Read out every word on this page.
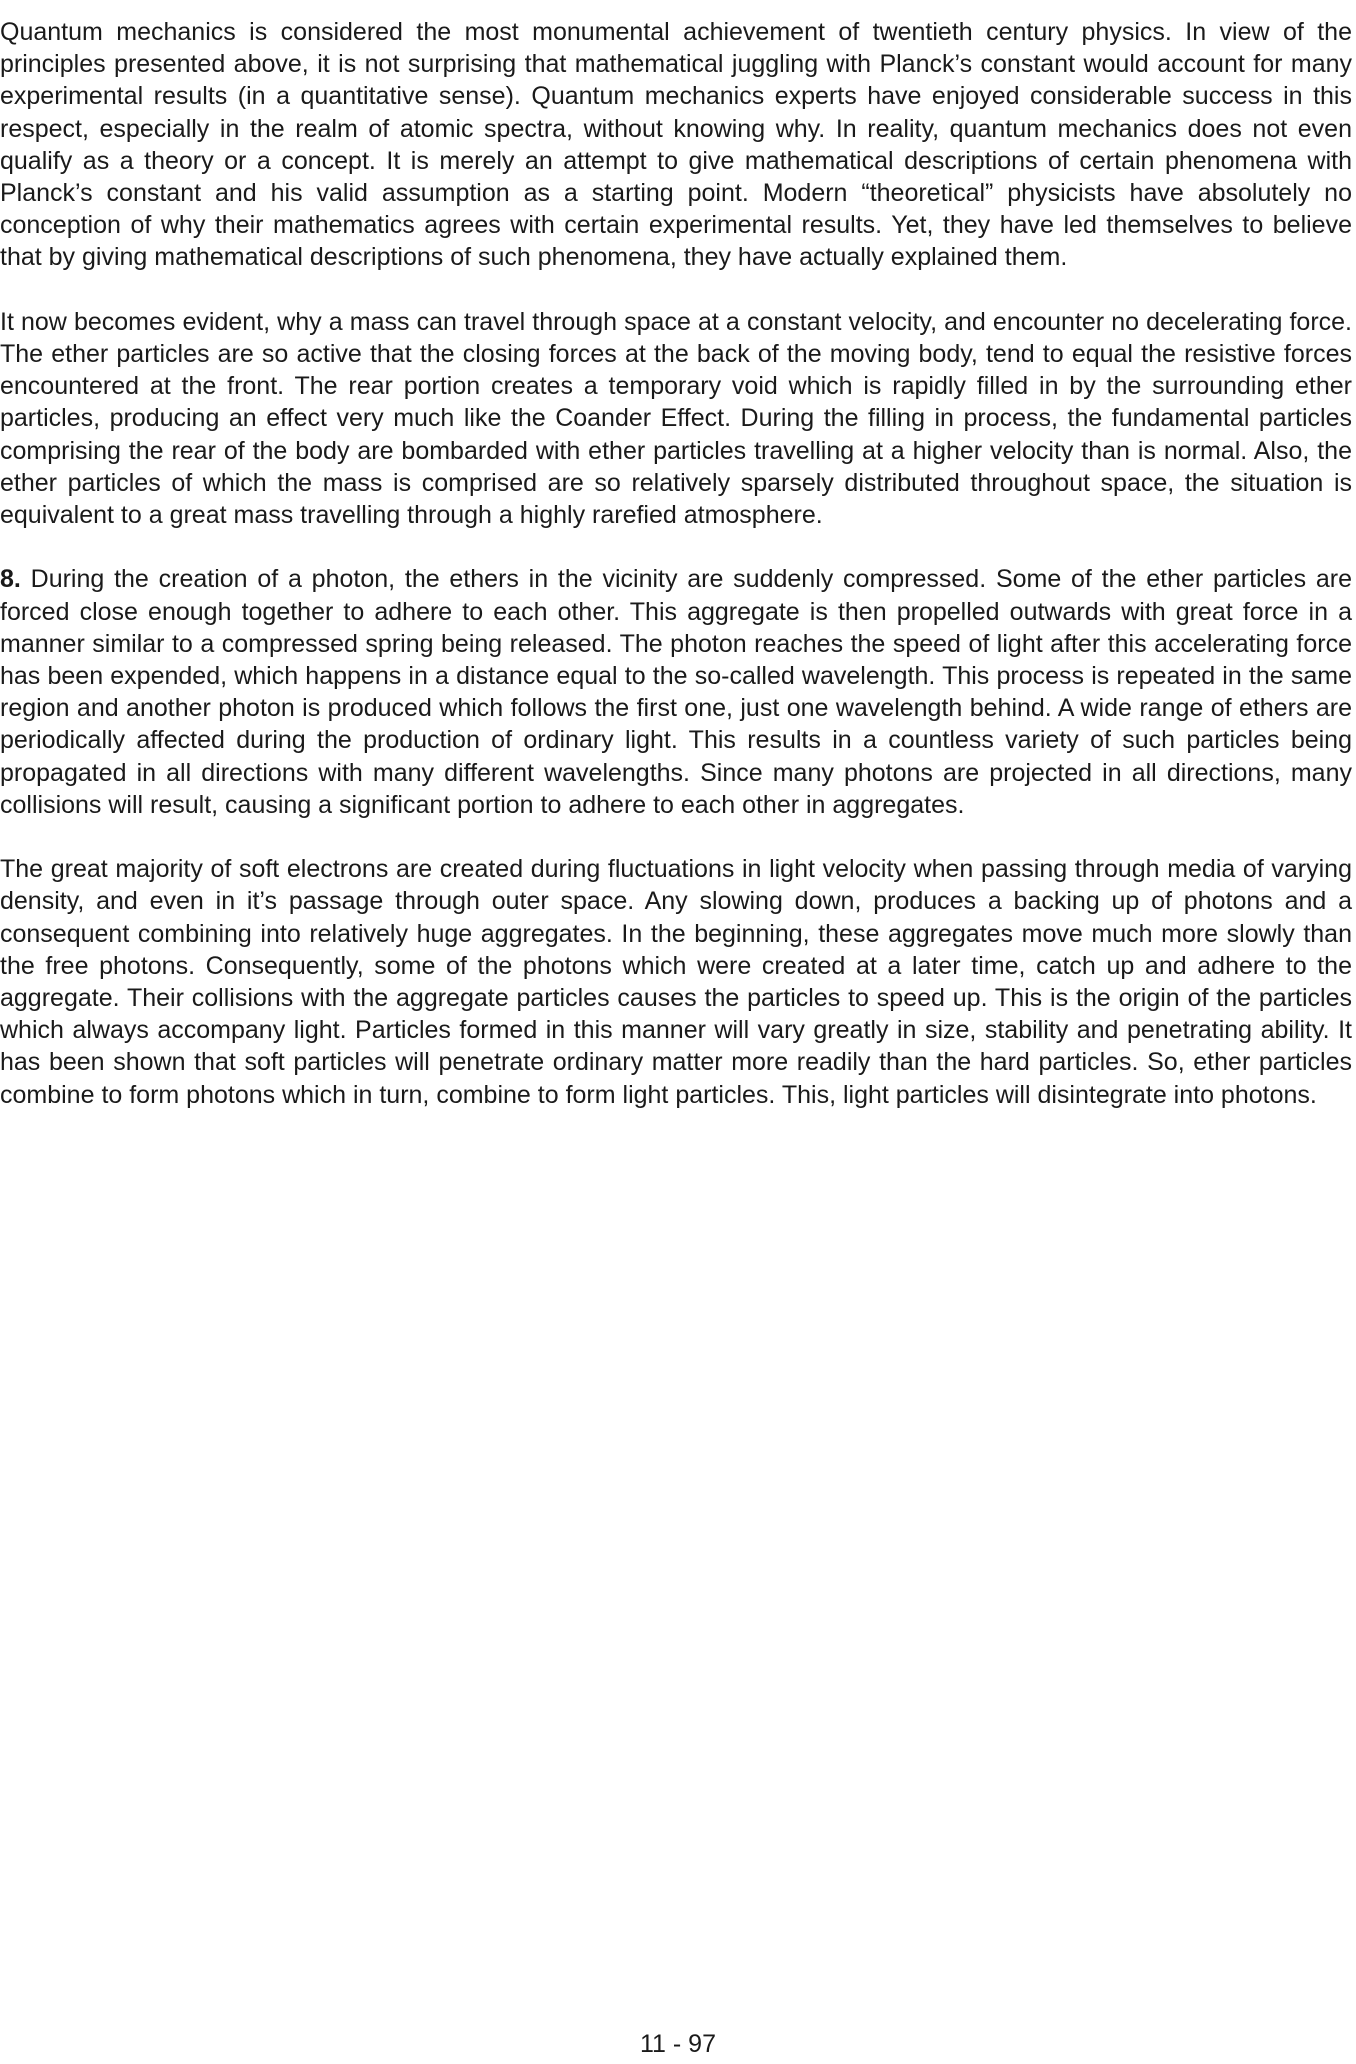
Quantum mechanics is considered the most monumental achievement of twentieth century physics. In view of the principles presented above, it is not surprising that mathematical juggling with Planck’s constant would account for many experimental results (in a quantitative sense). Quantum mechanics experts have enjoyed considerable success in this respect, especially in the realm of atomic spectra, without knowing why. In reality, quantum mechanics does not even qualify as a theory or a concept. It is merely an attempt to give mathematical descriptions of certain phenomena with Planck’s constant and his valid assumption as a starting point. Modern “theoretical” physicists have absolutely no conception of why their mathematics agrees with certain experimental results. Yet, they have led themselves to believe that by giving mathematical descriptions of such phenomena, they have actually explained them.

It now becomes evident, why a mass can travel through space at a constant velocity, and encounter no decelerating force. The ether particles are so active that the closing forces at the back of the moving body, tend to equal the resistive forces encountered at the front. The rear portion creates a temporary void which is rapidly filled in by the surrounding ether particles, producing an effect very much like the Coander Effect. During the filling in process, the fundamental particles comprising the rear of the body are bombarded with ether particles travelling at a higher velocity than is normal. Also, the ether particles of which the mass is comprised are so relatively sparsely distributed throughout space, the situation is equivalent to a great mass travelling through a highly rarefied atmosphere.

8. During the creation of a photon, the ethers in the vicinity are suddenly compressed. Some of the ether particles are forced close enough together to adhere to each other. This aggregate is then propelled outwards with great force in a manner similar to a compressed spring being released. The photon reaches the speed of light after this accelerating force has been expended, which happens in a distance equal to the so-called wavelength. This process is repeated in the same region and another photon is produced which follows the first one, just one wavelength behind. A wide range of ethers are periodically affected during the production of ordinary light. This results in a countless variety of such particles being propagated in all directions with many different wavelengths. Since many photons are projected in all directions, many collisions will result, causing a significant portion to adhere to each other in aggregates.

The great majority of soft electrons are created during fluctuations in light velocity when passing through media of varying density, and even in it’s passage through outer space. Any slowing down, produces a backing up of photons and a consequent combining into relatively huge aggregates. In the beginning, these aggregates move much more slowly than the free photons. Consequently, some of the photons which were created at a later time, catch up and adhere to the aggregate. Their collisions with the aggregate particles causes the particles to speed up. This is the origin of the particles which always accompany light. Particles formed in this manner will vary greatly in size, stability and penetrating ability. It has been shown that soft particles will penetrate ordinary matter more readily than the hard particles. So, ether particles combine to form photons which in turn, combine to form light particles. This, light particles will disintegrate into photons.

11 - 97
